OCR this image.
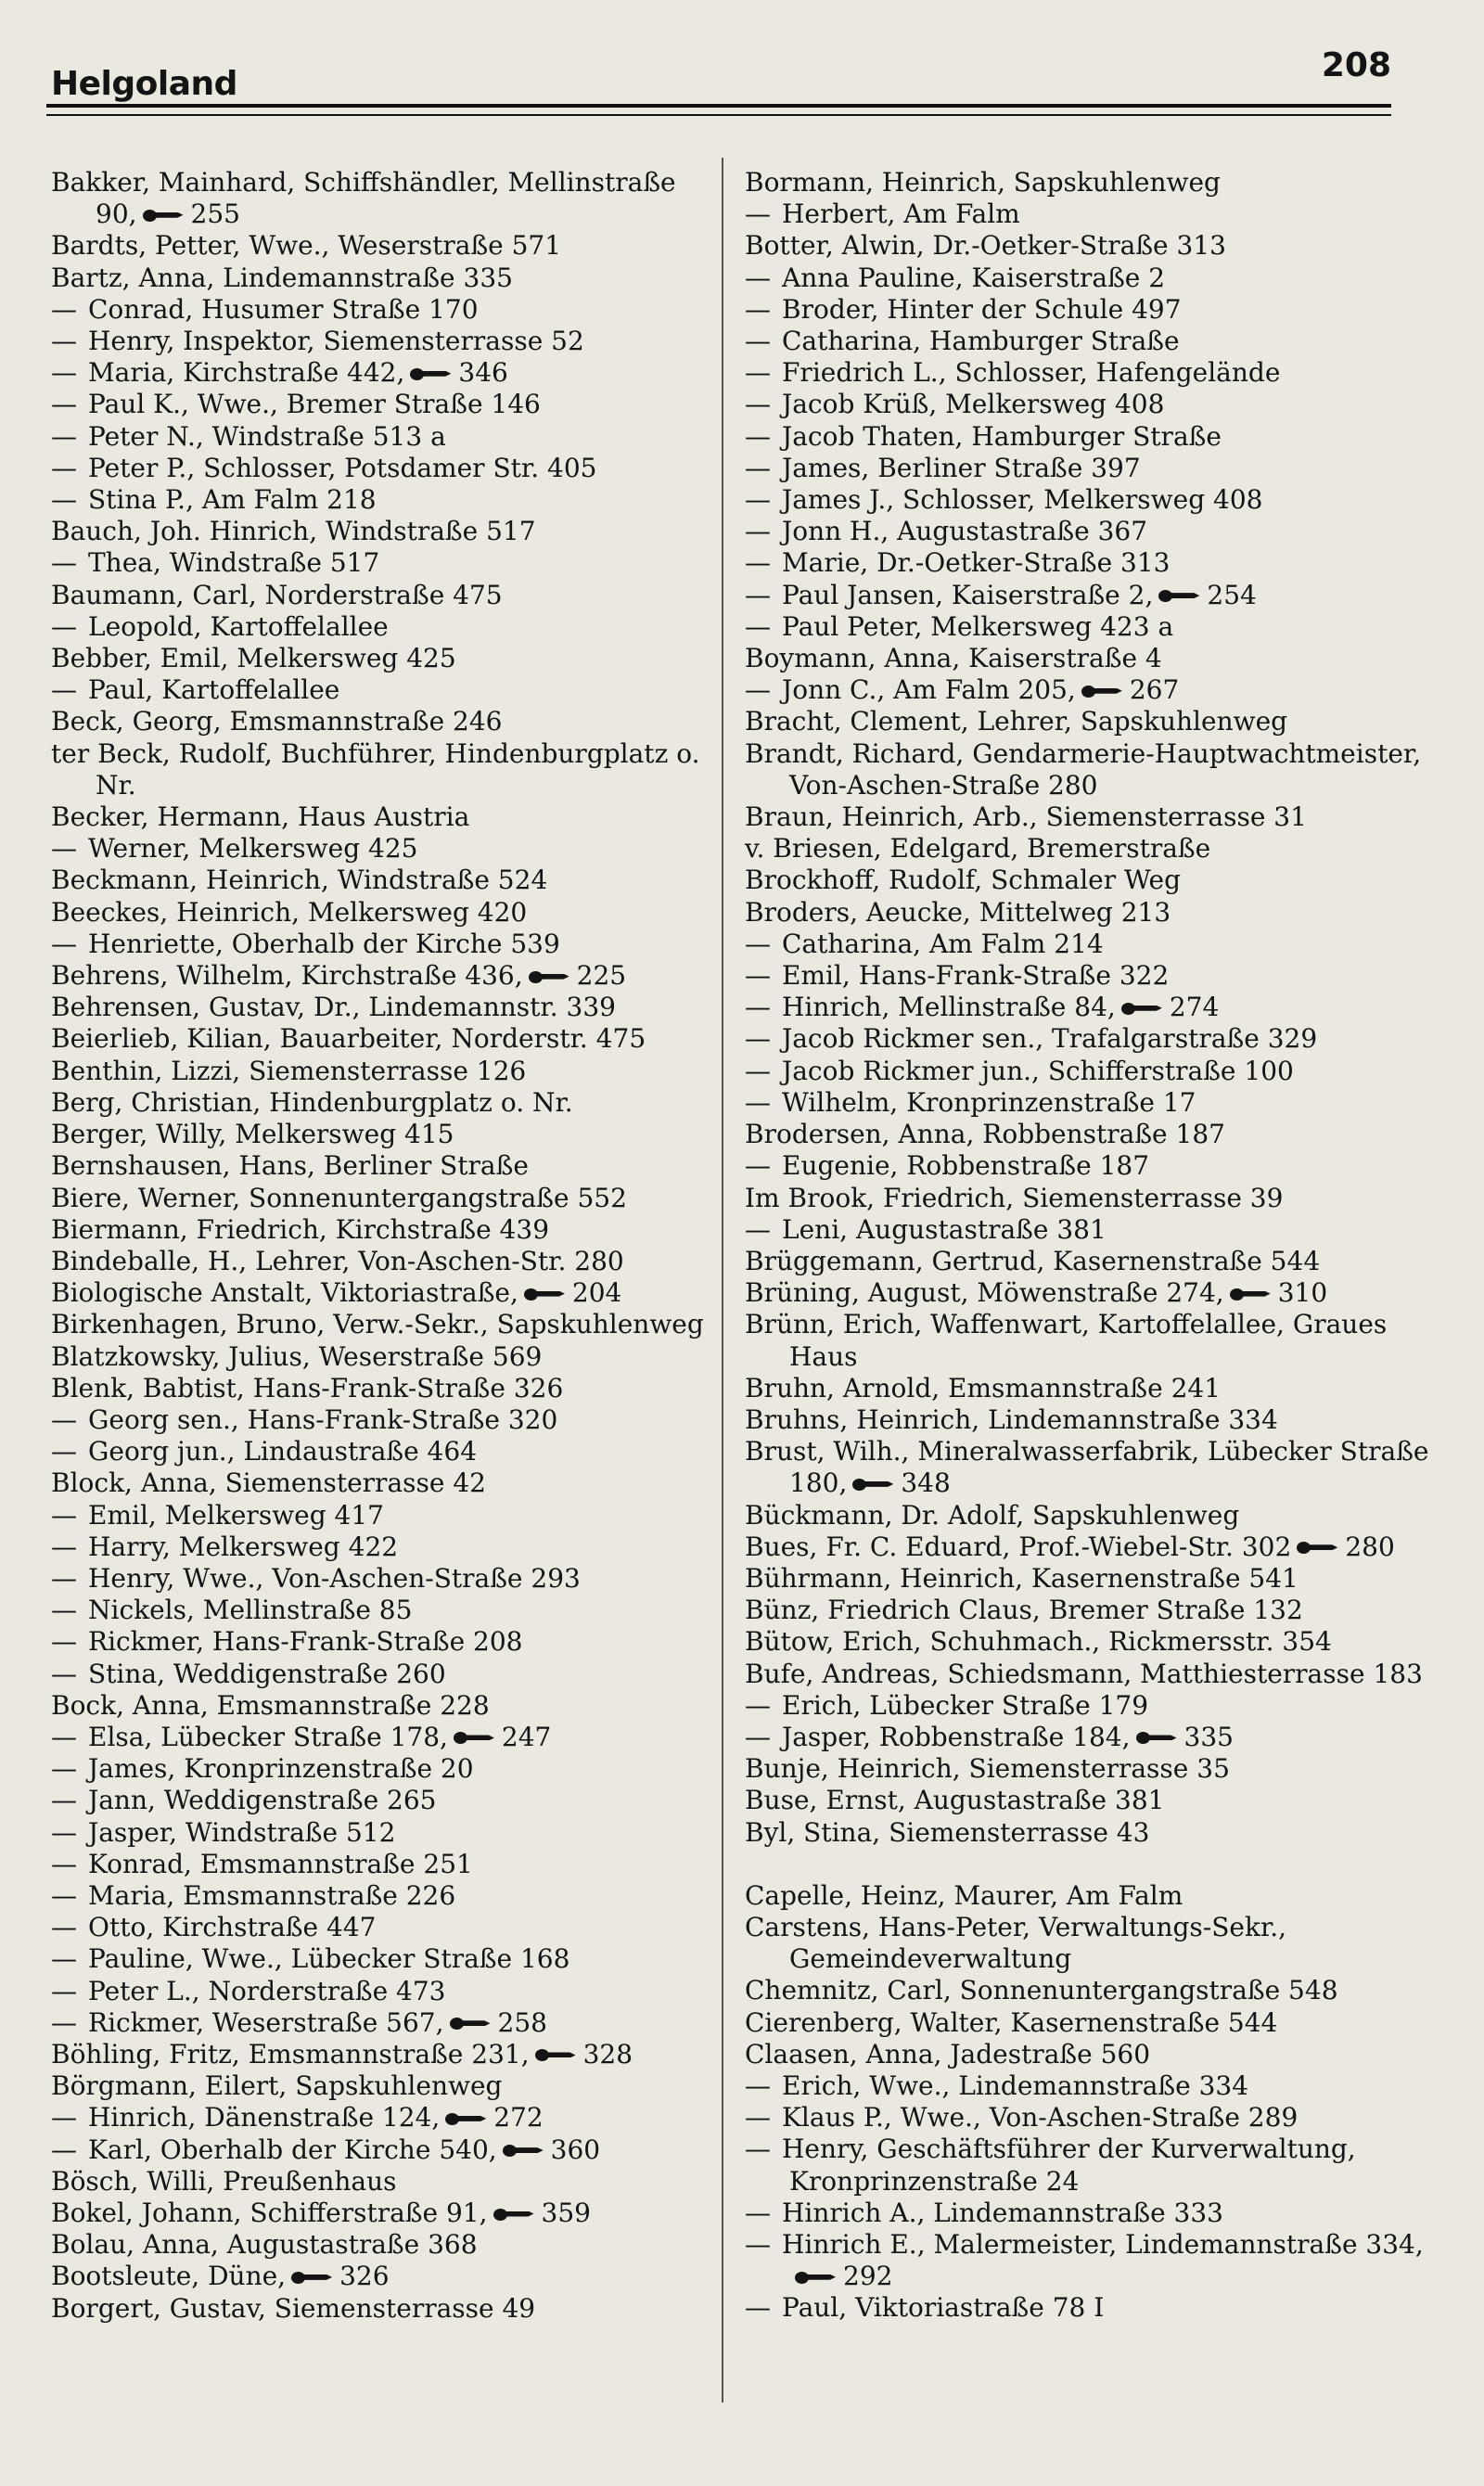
Helgoland	208
Bakker, Mainhard, Schiffshändler, Mellinstraße 90, 255
Bardts, Petter, Wwe., Weserstraße 571
Bartz, Anna, Lindemannstraße 335
— Conrad, Husumer Straße 170
— Henry, Inspektor, Siemensterrasse 52
— Maria, Kirchstraße 442, 346
— Paul K., Wwe., Bremer Straße 146
— Peter N., Windstraße 513 a
— Peter P., Schlosser, Potsdamer Str. 405
— Stina P., Am Falm 218
Bauch, Joh. Hinrich, Windstraße 517
— Thea, Windstraße 517
Baumann, Carl, Norderstraße 475
— Leopold, Kartoffelallee
Bebber, Emil, Melkersweg 425
— Paul, Kartoffelallee
Beck, Georg, Emsmannstraße 246
ter Beck, Rudolf, Buchführer, Hindenburgplatz o. Nr.
Becker, Hermann, Haus Austria
— Werner, Melkersweg 425
Beckmann, Heinrich, Windstraße 524
Beeckes, Heinrich, Melkersweg 420
— Henriette, Oberhalb der Kirche 539
Behrens, Wilhelm, Kirchstraße 436, 225
Behrensen, Gustav, Dr., Lindemannstr. 339
Beierlieb, Kilian, Bauarbeiter, Norderstr. 475
Benthin, Lizzi, Siemensterrasse 126
Berg, Christian, Hindenburgplatz o. Nr.
Berger, Willy, Melkersweg 415
Bernshausen, Hans, Berliner Straße
Biere, Werner, Sonnenuntergangstraße 552
Biermann, Friedrich, Kirchstraße 439
Bindeballe, H., Lehrer, Von-Aschen-Str. 280
Biologische Anstalt, Viktoriastraße, 204
Birkenhagen, Bruno, Verw.-Sekr., Sapskuhlenweg
Blatzkowsky, Julius, Weserstraße 569
Blenk, Babtist, Hans-Frank-Straße 326
— Georg sen., Hans-Frank-Straße 320
— Georg jun., Lindaustraße 464
Block, Anna, Siemensterrasse 42
— Emil, Melkersweg 417
— Harry, Melkersweg 422
— Henry, Wwe., Von-Aschen-Straße 293
— Nickels, Mellinstraße 85
— Rickmer, Hans-Frank-Straße 208
— Stina, Weddigenstraße 260
Bock, Anna, Emsmannstraße 228
— Elsa, Lübecker Straße 178, 247
— James, Kronprinzenstraße 20
— Jann, Weddigenstraße 265
— Jasper, Windstraße 512
— Konrad, Emsmannstraße 251
— Maria, Emsmannstraße 226
— Otto, Kirchstraße 447
— Pauline, Wwe., Lübecker Straße 168
— Peter L., Norderstraße 473
— Rickmer, Weserstraße 567, 258
Böhling, Fritz, Emsmannstraße 231, 328
Börgmann, Eilert, Sapskuhlenweg
— Hinrich, Dänenstraße 124, 272
— Karl, Oberhalb der Kirche 540, 360
Bösch, Willi, Preußenhaus
Bokel, Johann, Schifferstraße 91, 359
Bolau, Anna, Augustastraße 368
Bootsleute, Düne, 326
Borgert, Gustav, Siemensterrasse 49
Bormann, Heinrich, Sapskuhlenweg
— Herbert, Am Falm
Botter, Alwin, Dr.-Oetker-Straße 313
— Anna Pauline, Kaiserstraße 2
— Broder, Hinter der Schule 497
— Catharina, Hamburger Straße
— Friedrich L., Schlosser, Hafengelände
— Jacob Krüß, Melkersweg 408
— Jacob Thaten, Hamburger Straße
— James, Berliner Straße 397
— James J., Schlosser, Melkersweg 408
— Jonn H., Augustastraße 367
— Marie, Dr.-Oetker-Straße 313
— Paul Jansen, Kaiserstraße 2, 254
— Paul Peter, Melkersweg 423 a
Boymann, Anna, Kaiserstraße 4
— Jonn C., Am Falm 205, 267
Bracht, Clement, Lehrer, Sapskuhlenweg
Brandt, Richard, Gendarmerie-Hauptwachtmeister, Von-Aschen-Straße 280
Braun, Heinrich, Arb., Siemensterrasse 31
v. Briesen, Edelgard, Bremerstraße
Brockhoff, Rudolf, Schmaler Weg
Broders, Aeucke, Mittelweg 213
— Catharina, Am Falm 214
— Emil, Hans-Frank-Straße 322
— Hinrich, Mellinstraße 84, 274
— Jacob Rickmer sen., Trafalgarstraße 329
— Jacob Rickmer jun., Schifferstraße 100
— Wilhelm, Kronprinzenstraße 17
Brodersen, Anna, Robbenstraße 187
— Eugenie, Robbenstraße 187
Im Brook, Friedrich, Siemensterrasse 39
— Leni, Augustastraße 381
Brüggemann, Gertrud, Kasernenstraße 544
Brüning, August, Möwenstraße 274, 310
Brünn, Erich, Waffenwart, Kartoffelallee, Graues Haus
Bruhn, Arnold, Emsmannstraße 241
Bruhns, Heinrich, Lindemannstraße 334
Brust, Wilh., Mineralwasserfabrik, Lübecker Straße 180, 348
Bückmann, Dr. Adolf, Sapskuhlenweg
Bues, Fr. C. Eduard, Prof.-Wiebel-Str. 302 280
Bührmann, Heinrich, Kasernenstraße 541
Bünz, Friedrich Claus, Bremer Straße 132
Bütow, Erich, Schuhmach., Rickmersstr. 354
Bufe, Andreas, Schiedsmann, Matthiesterrasse 183
— Erich, Lübecker Straße 179
— Jasper, Robbenstraße 184, 335
Bunje, Heinrich, Siemensterrasse 35
Buse, Ernst, Augustastraße 381
Byl, Stina, Siemensterrasse 43
Capelle, Heinz, Maurer, Am Falm
Carstens, Hans-Peter, Verwaltungs-Sekr., Gemeindeverwaltung
Chemnitz, Carl, Sonnenuntergangstraße 548
Cierenberg, Walter, Kasernenstraße 544
Claasen, Anna, Jadestraße 560
— Erich, Wwe., Lindemannstraße 334
— Klaus P., Wwe., Von-Aschen-Straße 289
— Henry, Geschäftsführer der Kurverwaltung, Kronprinzenstraße 24
— Hinrich A., Lindemannstraße 333
— Hinrich E., Malermeister, Lindemannstraße 334,292
— Paul, Viktoriastraße 78 I
